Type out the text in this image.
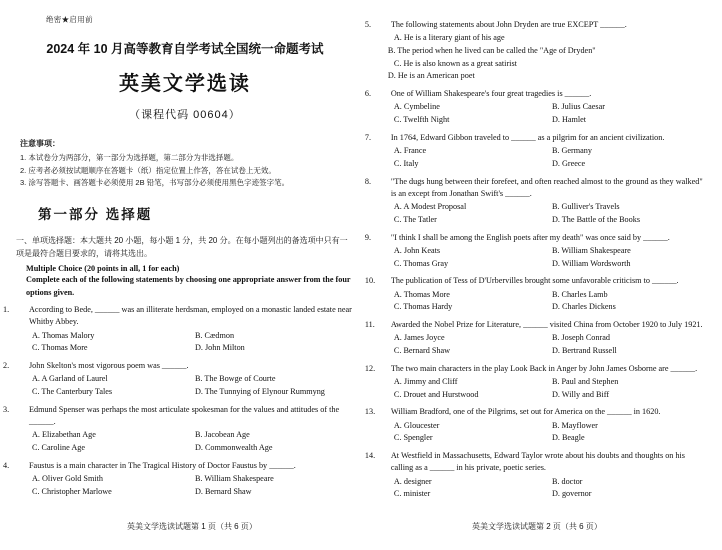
绝密★启用前
2024 年 10 月高等教育自学考试全国统一命题考试
英美文学选读
（课程代码 00604）
注意事项：
1. 本试卷分为两部分，第一部分为选择题，第二部分为非选择题。
2. 应考者必须按试题顺序在答题卡（纸）指定位置上作答，答在试卷上无效。
3. 涂写答题卡、画答题卡必须使用 2B 铅笔，书写部分必须使用黑色字迹签字笔。
第一部分 选择题
一、单项选择题：本大题共 20 小题，每小题 1 分，共 20 分。在每小题列出的备选项中只有一项是最符合题目要求的，请将其选出。
Multiple Choice (20 points in all, 1 for each)
Complete each of the following statements by choosing one appropriate answer from the four options given.
1. According to Bede, ______ was an illiterate herdsman, employed on a monastic landed estate near Whitby Abbey.
A. Thomas Malory	B. Cædmon
C. Thomas More	D. John Milton
2. John Skelton's most vigorous poem was ______.
A. A Garland of Laurel	B. The Bowge of Courte
C. The Canterbury Tales	D. The Tunnying of Elynour Rummyng
3. Edmund Spenser was perhaps the most articulate spokesman for the values and attitudes of the ______.
A. Elizabethan Age	B. Jacobean Age
C. Caroline Age	D. Commonwealth Age
4. Faustus is a main character in The Tragical History of Doctor Faustus by ______.
A. Oliver Gold Smith	B. William Shakespeare
C. Christopher Marlowe	D. Bernard Shaw
英美文学选读试题第 1 页（共 6 页）
5. The following statements about John Dryden are true EXCEPT ______.
A. He is a literary giant of his age
B. The period when he lived can be called the "Age of Dryden"
C. He is also known as a great satirist
D. He is an American poet
6. One of William Shakespeare's four great tragedies is ______.
A. Cymbeline	B. Julius Caesar
C. Twelfth Night	D. Hamlet
7. In 1764, Edward Gibbon traveled to ______ as a pilgrim for an ancient civilization.
A. France	B. Germany
C. Italy	D. Greece
8. "The dugs hung between their forefeet, and often reached almost to the ground as they walked" is an except from Jonathan Swift's ______.
A. A Modest Proposal	B. Gulliver's Travels
C. The Tatler	D. The Battle of the Books
9. "I think I shall be among the English poets after my death" was once said by ______.
A. John Keats	B. William Shakespeare
C. Thomas Gray	D. William Wordsworth
10. The publication of Tess of D'Urbervilles brought some unfavorable criticism to ______.
A. Thomas More	B. Charles Lamb
C. Thomas Hardy	D. Charles Dickens
11. Awarded the Nobel Prize for Literature, ______ visited China from October 1920 to July 1921.
A. James Joyce	B. Joseph Conrad
C. Bernard Shaw	D. Bertrand Russell
12. The two main characters in the play Look Back in Anger by John James Osborne are ______.
A. Jimmy and Cliff	B. Paul and Stephen
C. Drouet and Hurstwood	D. Willy and Biff
13. William Bradford, one of the Pilgrims, set out for America on the ______ in 1620.
A. Gloucester	B. Mayflower
C. Spengler	D. Beagle
14. At Westfield in Massachusetts, Edward Taylor wrote about his doubts and thoughts on his calling as a ______ in his private, poetic series.
A. designer	B. doctor
C. minister	D. governor
英美文学选读试题第 2 页（共 6 页）
